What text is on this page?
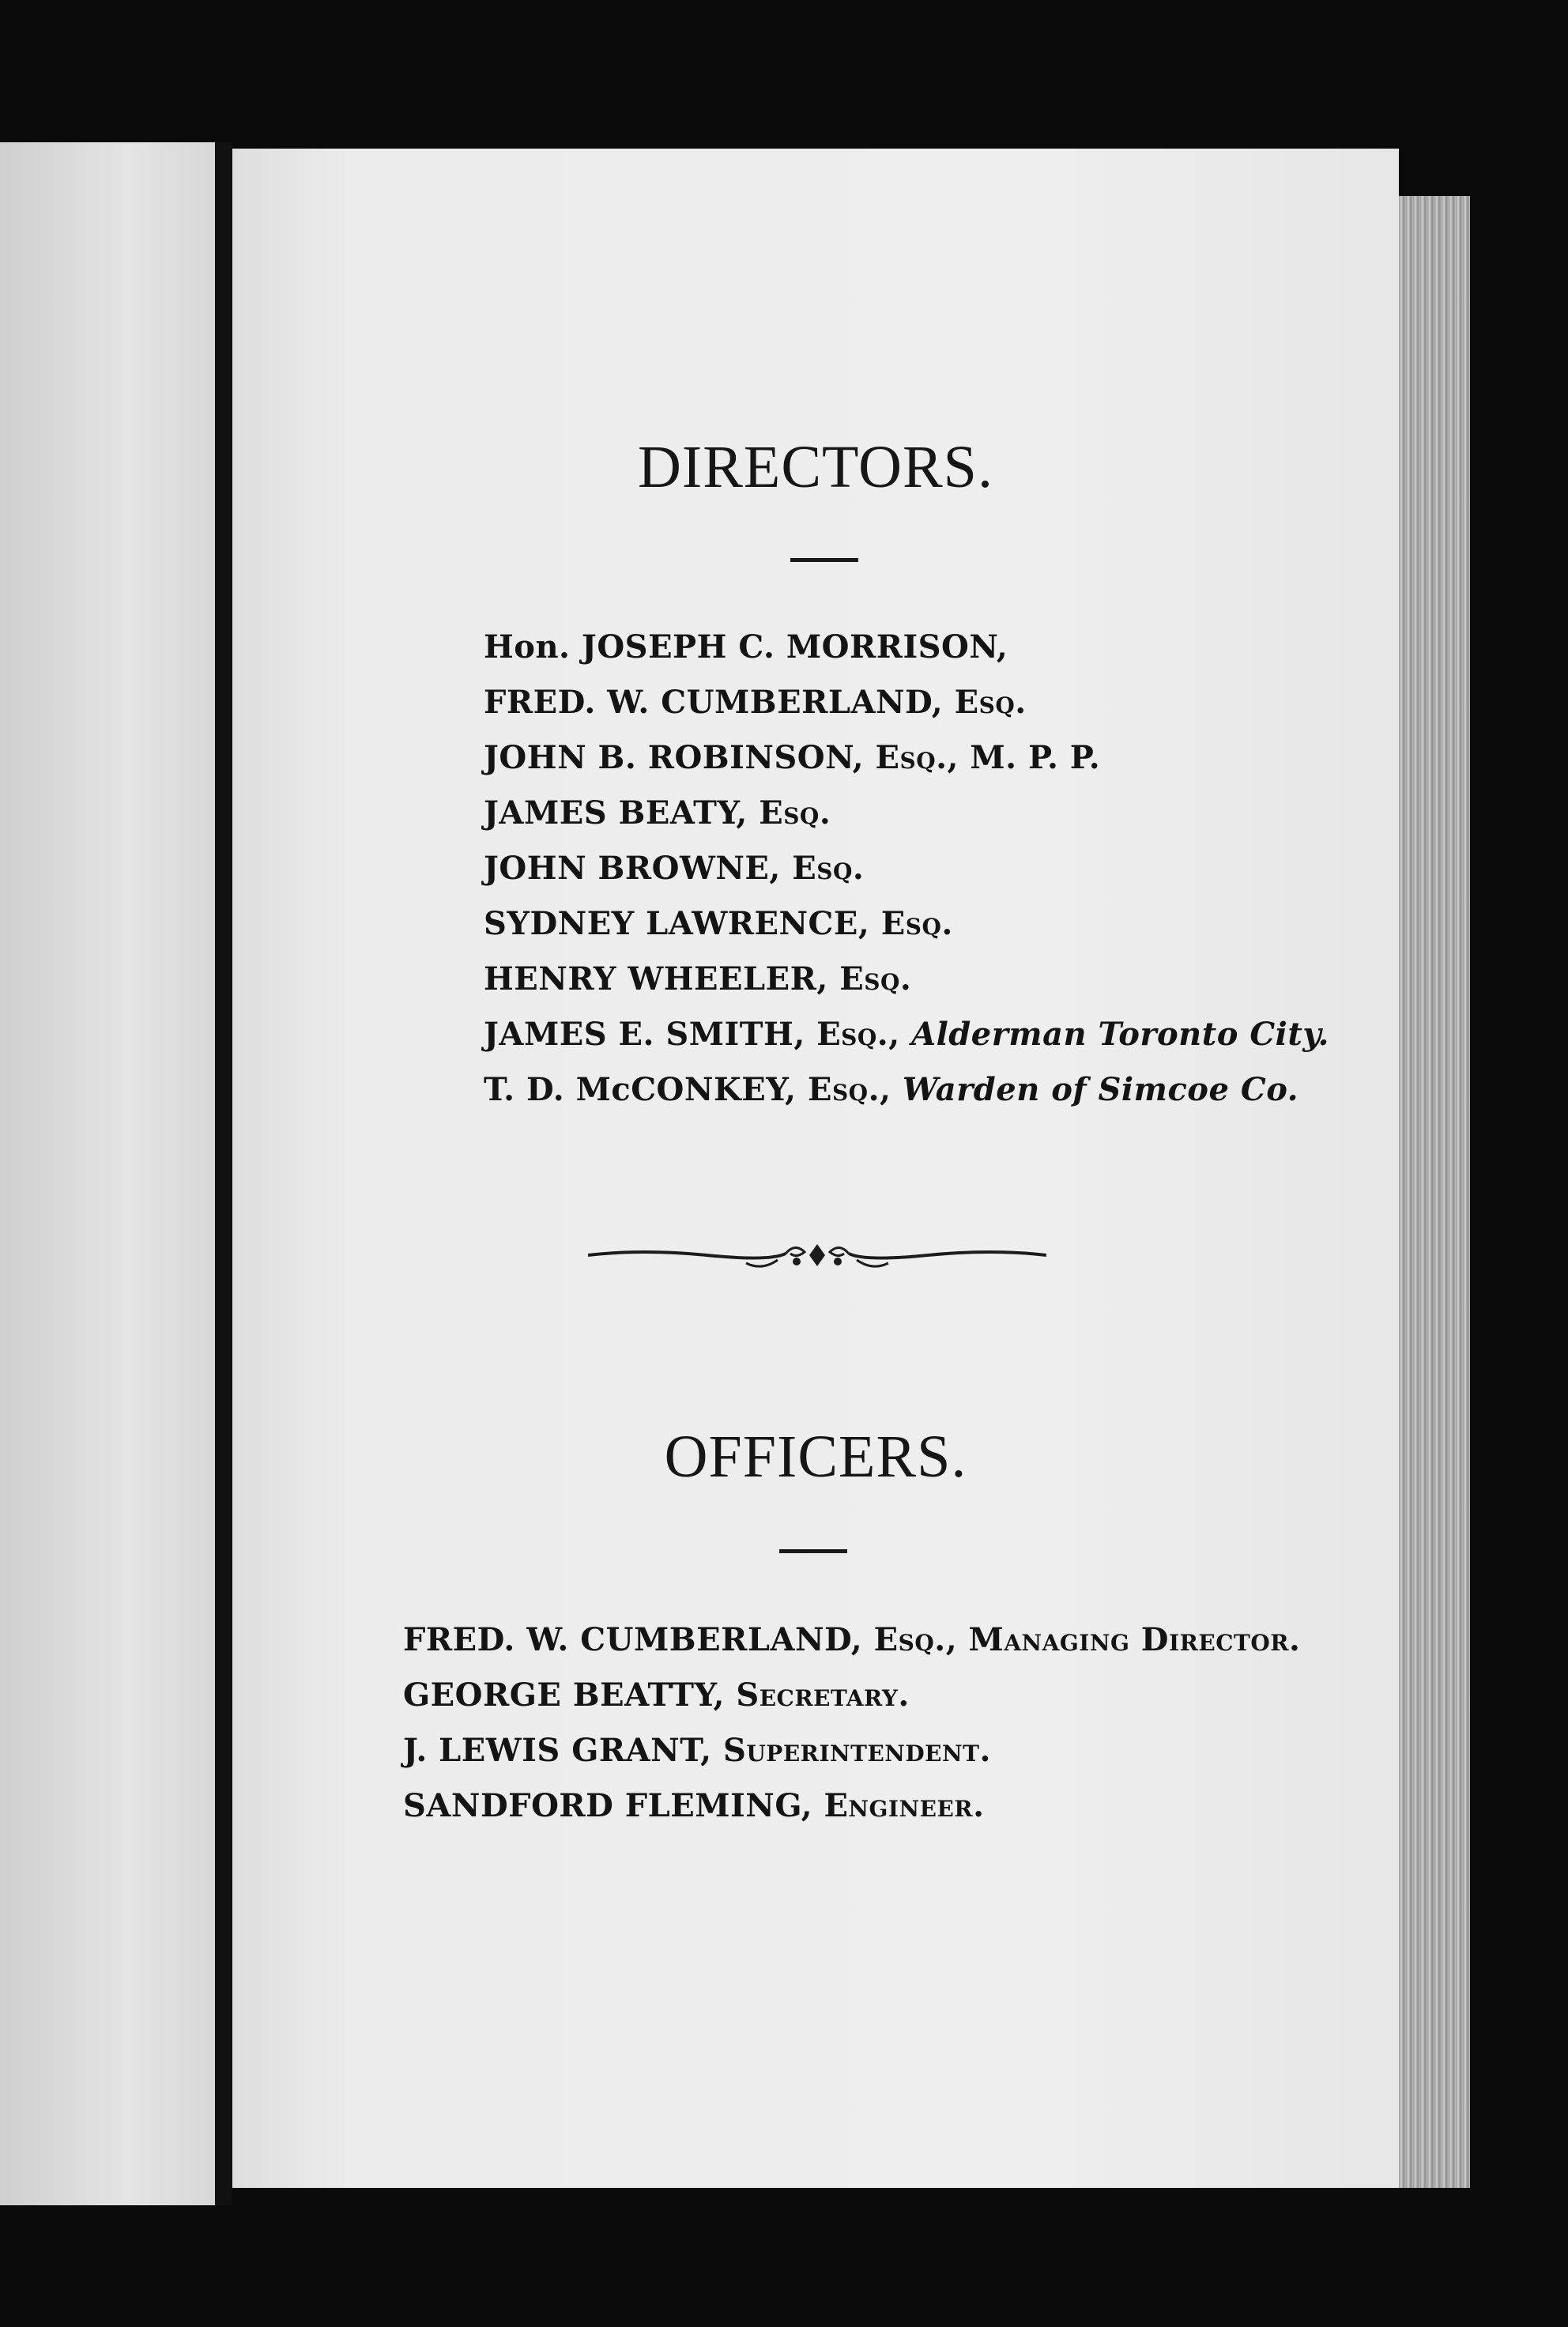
DIRECTORS.
Hon. JOSEPH C. MORRISON,
FRED. W. CUMBERLAND, Esq.
JOHN B. ROBINSON, Esq., M. P. P.
JAMES BEATY, Esq.
JOHN BROWNE, Esq.
SYDNEY LAWRENCE, Esq.
HENRY WHEELER, Esq.
JAMES E. SMITH, Esq., Alderman Toronto City.
T. D. McCONKEY, Esq., Warden of Simcoe Co.
OFFICERS.
FRED. W. CUMBERLAND, Esq., Managing Director.
GEORGE BEATTY, Secretary.
J. LEWIS GRANT, Superintendent.
SANDFORD FLEMING, Engineer.
